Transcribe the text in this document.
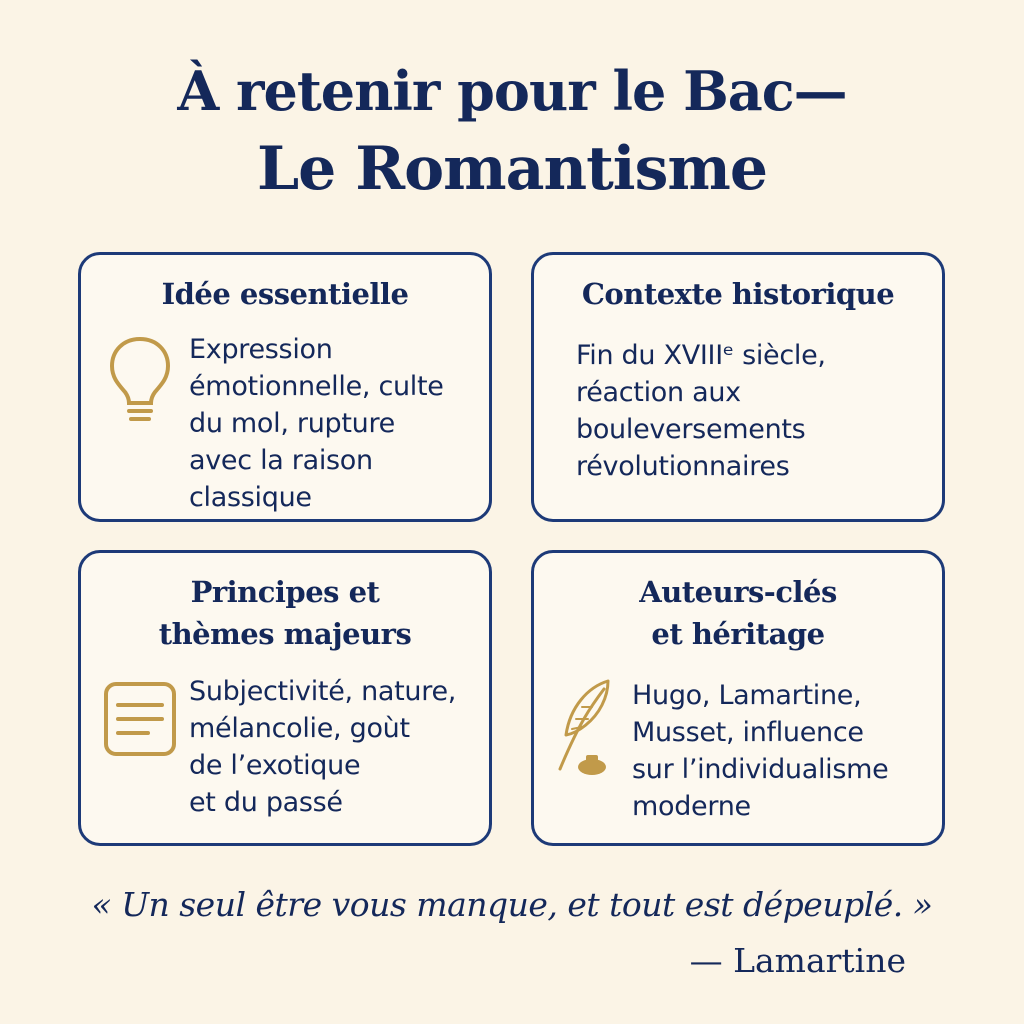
À retenir pour le Bac—
Le Romantisme
Idée essentielle
Expression
émotionnelle, culte
du mol, rupture
avec la raison
classique
Contexte historique
Fin du XVIIIᵉ siècle,
réaction aux
bouleversements
révolutionnaires
Principes et
thèmes majeurs
Subjectivité, nature,
mélancolie, goùt
de l’exotique
et du passé
Auteurs-clés
et héritage
Hugo, Lamartine,
Musset, influence
sur l’individualisme
moderne
« Un seul être vous manque, et tout est dépeuplé. »
— Lamartine
